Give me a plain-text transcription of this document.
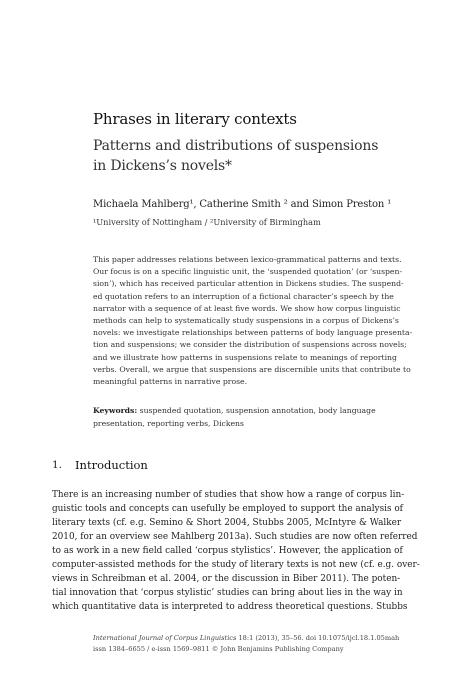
Phrases in literary contexts
Patterns and distributions of suspensions
in Dickens’s novels*
Michaela Mahlberg¹, Catherine Smith ² and Simon Preston ¹
¹University of Nottingham / ²University of Birmingham
This paper addresses relations between lexico-grammatical patterns and texts.
Our focus is on a specific linguistic unit, the ‘suspended quotation’ (or ‘suspen-
sion’), which has received particular attention in Dickens studies. The suspend-
ed quotation refers to an interruption of a fictional character’s speech by the
narrator with a sequence of at least five words. We show how corpus linguistic
methods can help to systematically study suspensions in a corpus of Dickens’s
novels: we investigate relationships between patterns of body language presenta-
tion and suspensions; we consider the distribution of suspensions across novels;
and we illustrate how patterns in suspensions relate to meanings of reporting
verbs. Overall, we argue that suspensions are discernible units that contribute to
meaningful patterns in narrative prose.
Keywords: suspended quotation, suspension annotation, body language
presentation, reporting verbs, Dickens
1. Introduction
There is an increasing number of studies that show how a range of corpus lin-
guistic tools and concepts can usefully be employed to support the analysis of
literary texts (cf. e.g. Semino & Short 2004, Stubbs 2005, McIntyre & Walker
2010, for an overview see Mahlberg 2013a). Such studies are now often referred
to as work in a new field called ‘corpus stylistics’. However, the application of
computer-assisted methods for the study of literary texts is not new (cf. e.g. over-
views in Schreibman et al. 2004, or the discussion in Biber 2011). The poten-
tial innovation that ‘corpus stylistic’ studies can bring about lies in the way in
which quantitative data is interpreted to address theoretical questions. Stubbs
International Journal of Corpus Linguistics 18:1 (2013), 35–56. doi 10.1075/ijcl.18.1.05mah
issn 1384–6655 / e-issn 1569–9811 © John Benjamins Publishing Company
